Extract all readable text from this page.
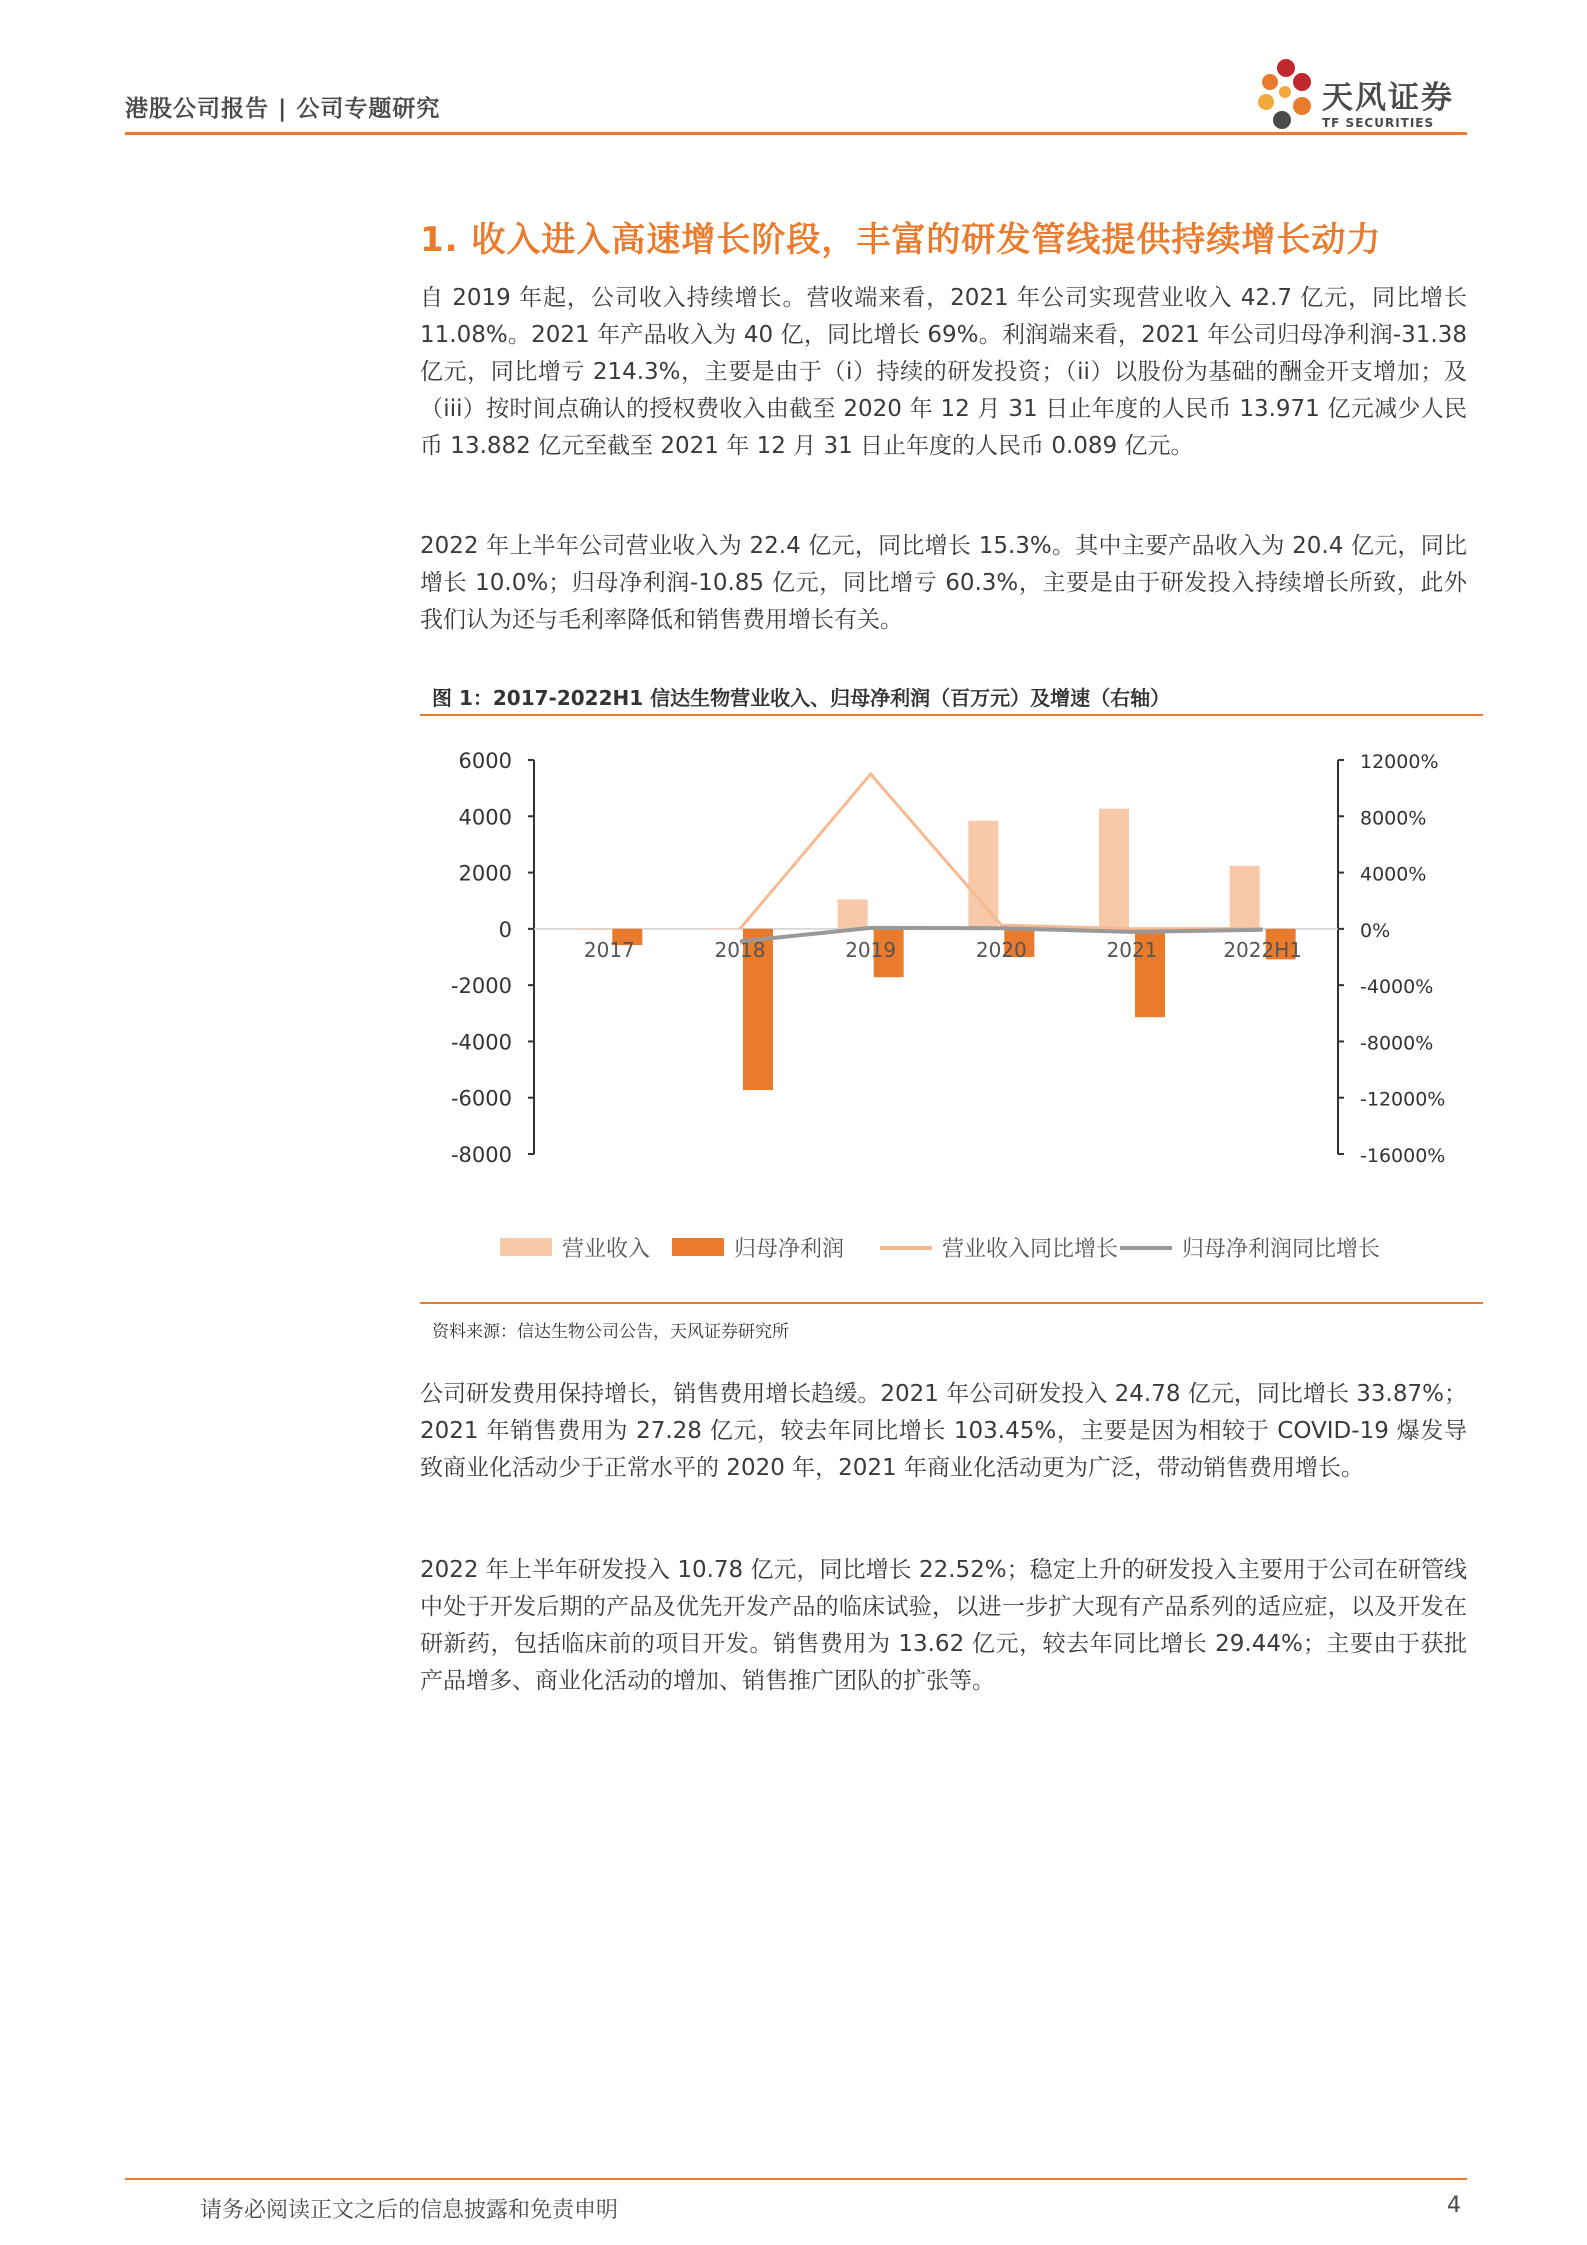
港股公司报告 | 公司专题研究	天风证券
TF SECURITIES
1. 收入进入高速增长阶段，丰富的研发管线提供持续增长动力

自 2019 年起，公司收入持续增长。营收端来看，2021 年公司实现营业收入 42.7 亿元，同比增长 11.08%。2021 年产品收入为 40 亿，同比增长 69%。利润端来看，2021 年公司归母净利润-31.38 亿元，同比增亏 214.3%，主要是由于（i）持续的研发投资；（ii）以股份为基础的酬金开支增加；及（iii）按时间点确认的授权费收入由截至 2020 年 12 月 31 日止年度的人民币 13.971 亿元减少人民币 13.882 亿元至截至 2021 年 12 月 31 日止年度的人民币 0.089 亿元。

2022 年上半年公司营业收入为 22.4 亿元，同比增长 15.3%。其中主要产品收入为 20.4 亿元，同比增长 10.0%；归母净利润-10.85 亿元，同比增亏 60.3%，主要是由于研发投入持续增长所致，此外我们认为还与毛利率降低和销售费用增长有关。

图 1：2017-2022H1 信达生物营业收入、归母净利润（百万元）及增速（右轴）
6000
4000
2000
0
-2000
-4000
-6000
-8000
12000%
8000%
4000%
0%
-4000%
-8000%
-12000%
-16000%
2017	2018	2019	2020	2021	2022H1
营业收入	归母净利润	营业收入同比增长	归母净利润同比增长
资料来源：信达生物公司公告，天风证券研究所

公司研发费用保持增长，销售费用增长趋缓。2021 年公司研发投入 24.78 亿元，同比增长 33.87%；2021 年销售费用为 27.28 亿元，较去年同比增长 103.45%，主要是因为相较于 COVID-19 爆发导致商业化活动少于正常水平的 2020 年，2021 年商业化活动更为广泛，带动销售费用增长。

2022 年上半年研发投入 10.78 亿元，同比增长 22.52%；稳定上升的研发投入主要用于公司在研管线中处于开发后期的产品及优先开发产品的临床试验，以进一步扩大现有产品系列的适应症，以及开发在研新药，包括临床前的项目开发。销售费用为 13.62 亿元，较去年同比增长 29.44%；主要由于获批产品增多、商业化活动的增加、销售推广团队的扩张等。

请务必阅读正文之后的信息披露和免责申明	4
